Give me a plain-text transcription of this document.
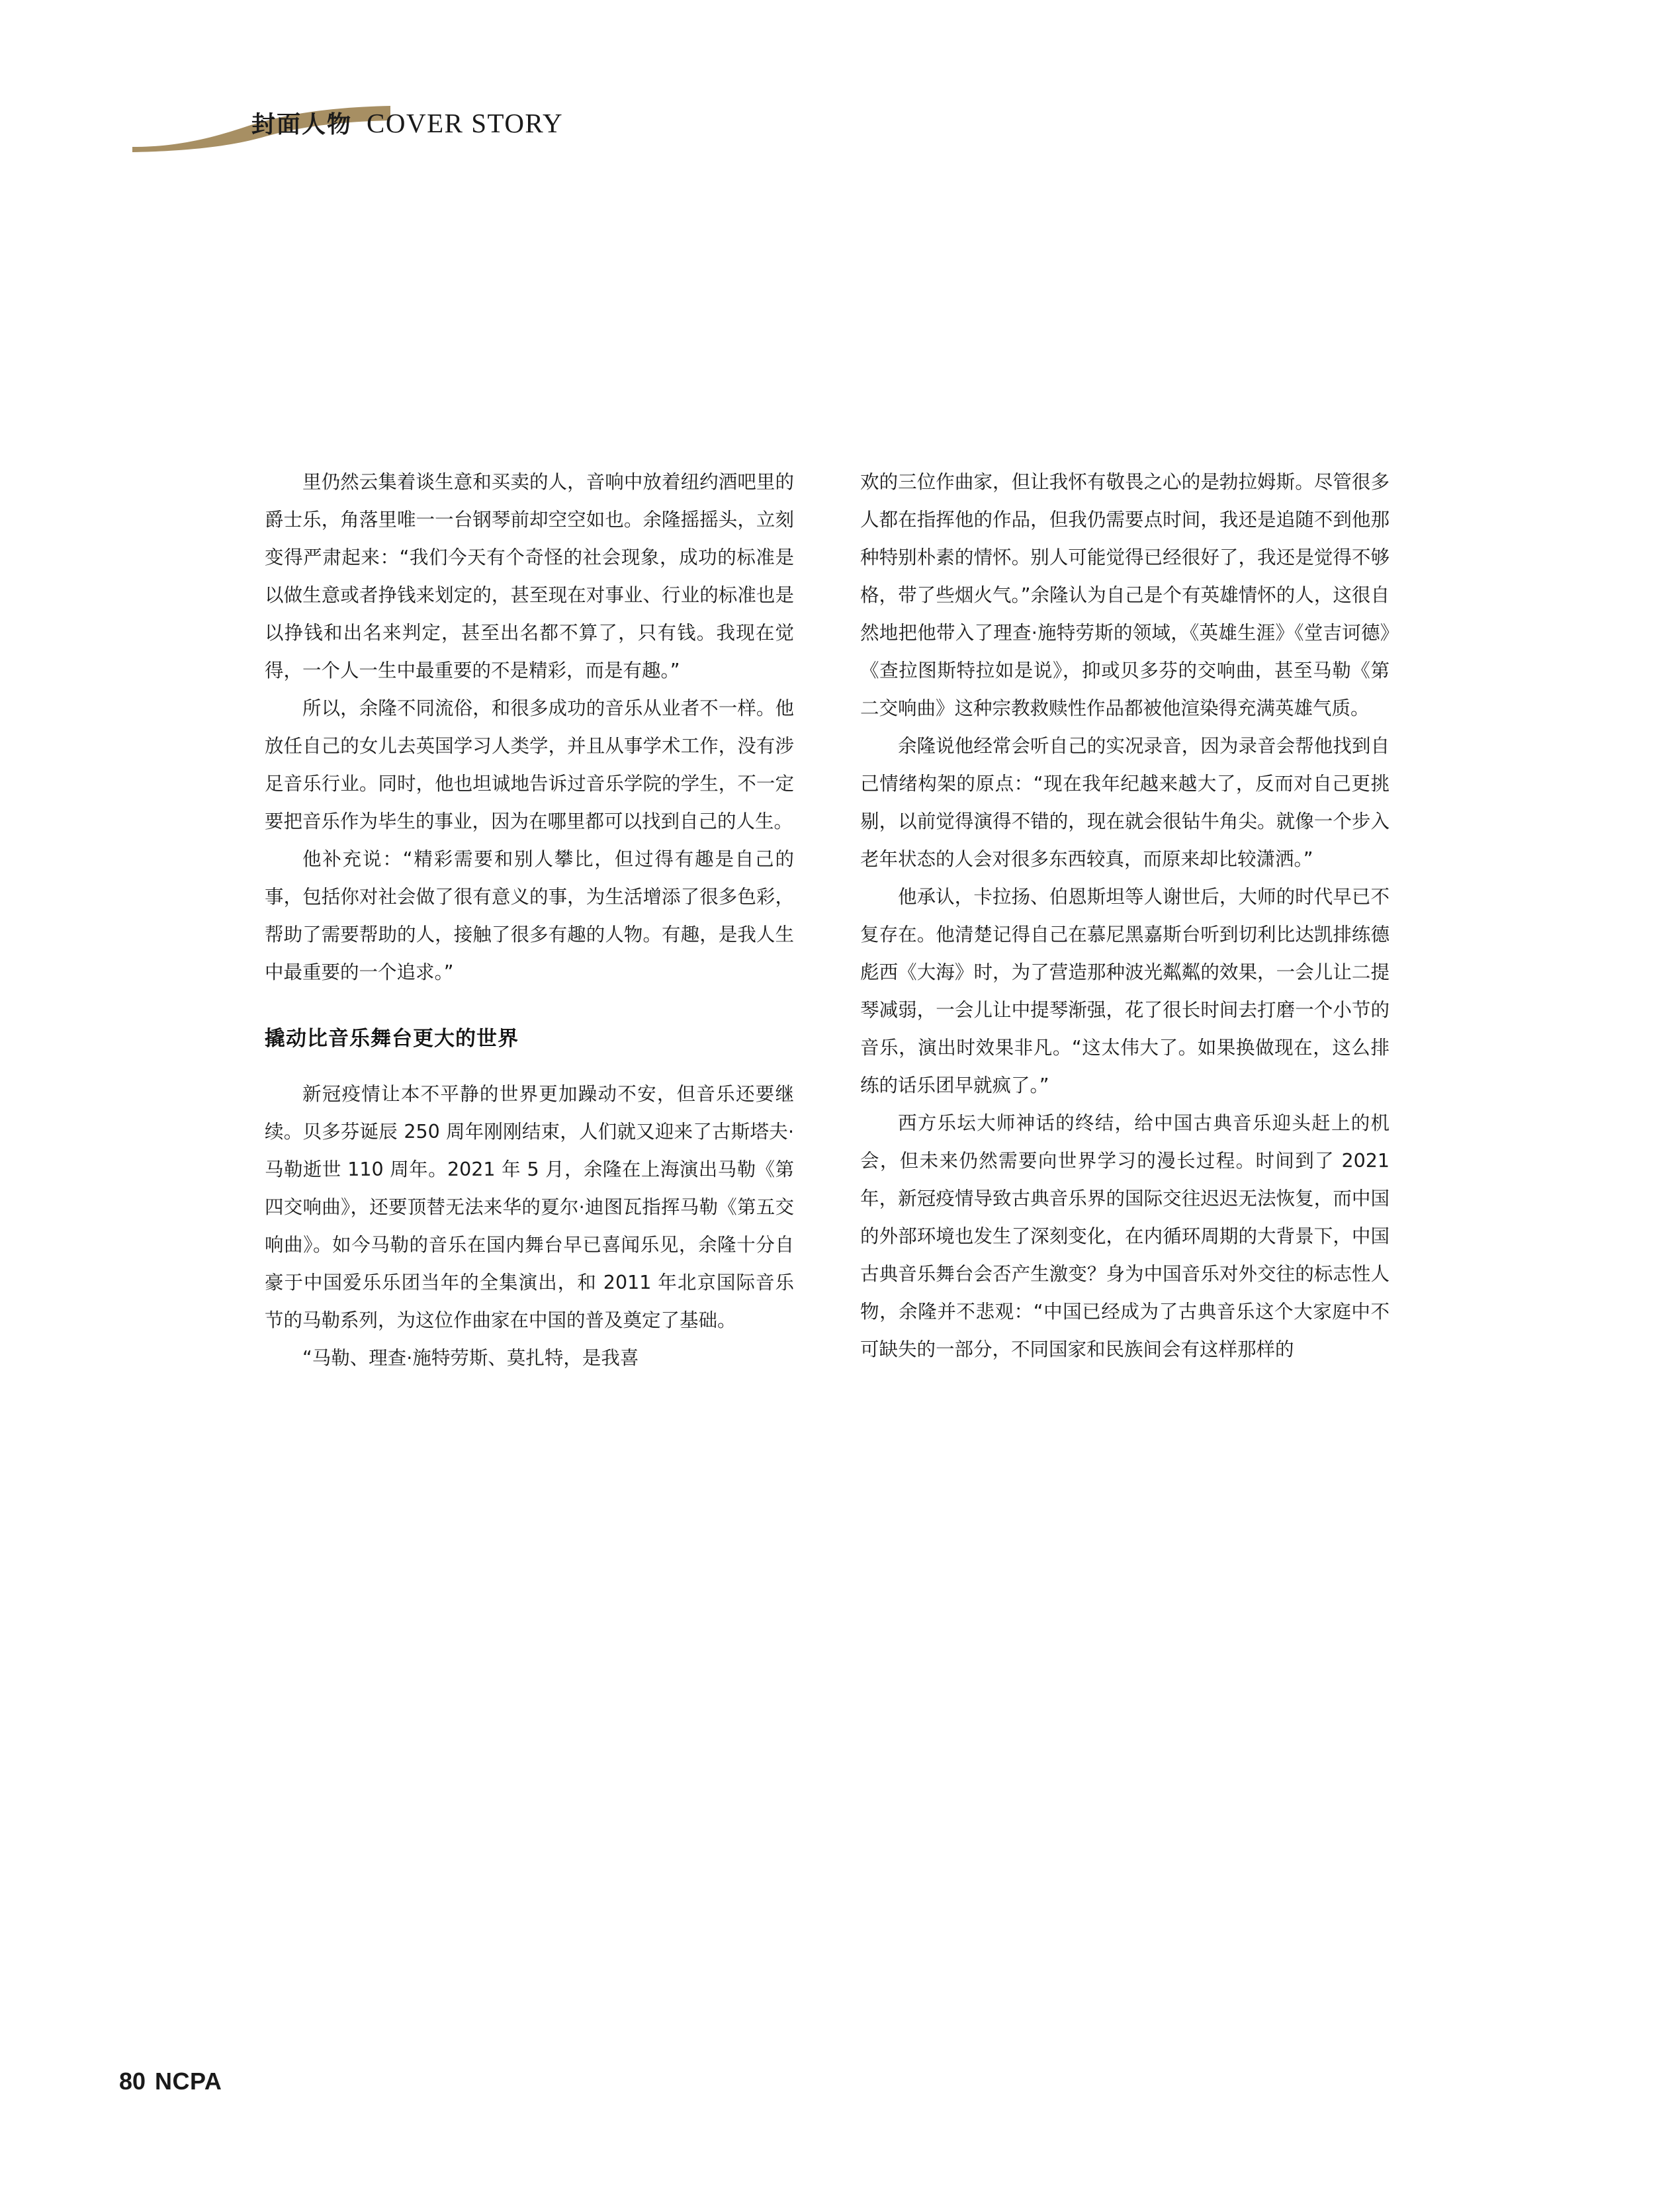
封面人物 COVER STORY

里仍然云集着谈生意和买卖的人，音响中放着纽约酒吧里的爵士乐，角落里唯一一台钢琴前却空空如也。余隆摇摇头，立刻变得严肃起来：“我们今天有个奇怪的社会现象，成功的标准是以做生意或者挣钱来划定的，甚至现在对事业、行业的标准也是以挣钱和出名来判定，甚至出名都不算了，只有钱。我现在觉得，一个人一生中最重要的不是精彩，而是有趣。”

所以，余隆不同流俗，和很多成功的音乐从业者不一样。他放任自己的女儿去英国学习人类学，并且从事学术工作，没有涉足音乐行业。同时，他也坦诚地告诉过音乐学院的学生，不一定要把音乐作为毕生的事业，因为在哪里都可以找到自己的人生。

他补充说：“精彩需要和别人攀比，但过得有趣是自己的事，包括你对社会做了很有意义的事，为生活增添了很多色彩，帮助了需要帮助的人，接触了很多有趣的人物。有趣，是我人生中最重要的一个追求。”

撬动比音乐舞台更大的世界

新冠疫情让本不平静的世界更加躁动不安，但音乐还要继续。贝多芬诞辰 250 周年刚刚结束，人们就又迎来了古斯塔夫·马勒逝世 110 周年。2021 年 5 月，余隆在上海演出马勒《第四交响曲》，还要顶替无法来华的夏尔·迪图瓦指挥马勒《第五交响曲》。如今马勒的音乐在国内舞台早已喜闻乐见，余隆十分自豪于中国爱乐乐团当年的全集演出，和 2011 年北京国际音乐节的马勒系列，为这位作曲家在中国的普及奠定了基础。

“马勒、理查·施特劳斯、莫扎特，是我喜

欢的三位作曲家，但让我怀有敬畏之心的是勃拉姆斯。尽管很多人都在指挥他的作品，但我仍需要点时间，我还是追随不到他那种特别朴素的情怀。别人可能觉得已经很好了，我还是觉得不够格，带了些烟火气。”余隆认为自己是个有英雄情怀的人，这很自然地把他带入了理查·施特劳斯的领域，《英雄生涯》《堂吉诃德》《查拉图斯特拉如是说》，抑或贝多芬的交响曲，甚至马勒《第二交响曲》这种宗教救赎性作品都被他渲染得充满英雄气质。

余隆说他经常会听自己的实况录音，因为录音会帮他找到自己情绪构架的原点：“现在我年纪越来越大了，反而对自己更挑剔，以前觉得演得不错的，现在就会很钻牛角尖。就像一个步入老年状态的人会对很多东西较真，而原来却比较潇洒。”

他承认，卡拉扬、伯恩斯坦等人谢世后，大师的时代早已不复存在。他清楚记得自己在慕尼黑嘉斯台听到切利比达凯排练德彪西《大海》时，为了营造那种波光粼粼的效果，一会儿让二提琴减弱，一会儿让中提琴渐强，花了很长时间去打磨一个小节的音乐，演出时效果非凡。“这太伟大了。如果换做现在，这么排练的话乐团早就疯了。”

西方乐坛大师神话的终结，给中国古典音乐迎头赶上的机会，但未来仍然需要向世界学习的漫长过程。时间到了 2021 年，新冠疫情导致古典音乐界的国际交往迟迟无法恢复，而中国的外部环境也发生了深刻变化，在内循环周期的大背景下，中国古典音乐舞台会否产生激变？身为中国音乐对外交往的标志性人物，余隆并不悲观：“中国已经成为了古典音乐这个大家庭中不可缺失的一部分，不同国家和民族间会有这样那样的

80 NCPA
